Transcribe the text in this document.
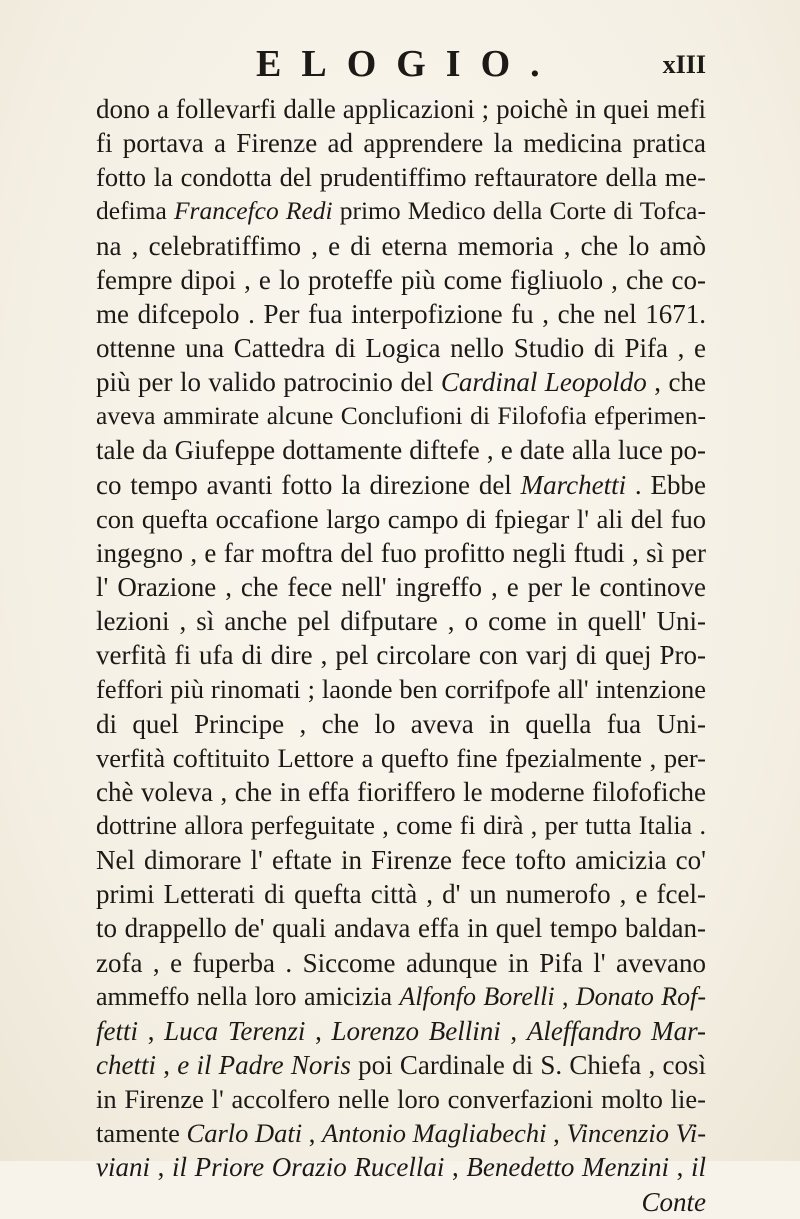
ELOGIO.	xIII
dono a follevarfi dalle applicazioni ; poichè in quei mefi
fi portava a Firenze ad apprendere la medicina pratica
fotto la condotta del prudentiffimo reftauratore della me-
defima Francefco Redi primo Medico della Corte di Tofca-
na , celebratiffimo , e di eterna memoria , che lo amò
fempre dipoi , e lo proteffe più come figliuolo , che co-
me difcepolo . Per fua interpofizione fu , che nel 1671.
ottenne una Cattedra di Logica nello Studio di Pifa , e
più per lo valido patrocinio del Cardinal Leopoldo , che
aveva ammirate alcune Conclufioni di Filofofia efperimen-
tale da Giufeppe dottamente diftefe , e date alla luce po-
co tempo avanti fotto la direzione del Marchetti . Ebbe
con quefta occafione largo campo di fpiegar l' ali del fuo
ingegno , e far moftra del fuo profitto negli ftudi , sì per
l' Orazione , che fece nell' ingreffo , e per le continove
lezioni , sì anche pel difputare , o come in quell' Uni-
verfità fi ufa di dire , pel circolare con varj di quej Pro-
feffori più rinomati ; laonde ben corrifpofe all' intenzione
di quel Principe , che lo aveva in quella fua Uni-
verfità coftituito Lettore a quefto fine fpezialmente , per-
chè voleva , che in effa fioriffero le moderne filofofiche
dottrine allora perfeguitate , come fi dirà , per tutta Italia .
Nel dimorare l' eftate in Firenze fece tofto amicizia co'
primi Letterati di quefta città , d' un numerofo , e fcel-
to drappello de' quali andava effa in quel tempo baldan-
zofa , e fuperba . Siccome adunque in Pifa l' avevano
ammeffo nella loro amicizia Alfonfo Borelli , Donato Rof-
fetti , Luca Terenzi , Lorenzo Bellini , Aleffandro Mar-
chetti , e il Padre Noris poi Cardinale di S. Chiefa , così
in Firenze l' accolfero nelle loro converfazioni molto lie-
tamente Carlo Dati , Antonio Magliabechi , Vincenzio Vi-
viani , il Priore Orazio Rucellai , Benedetto Menzini , il
Conte
